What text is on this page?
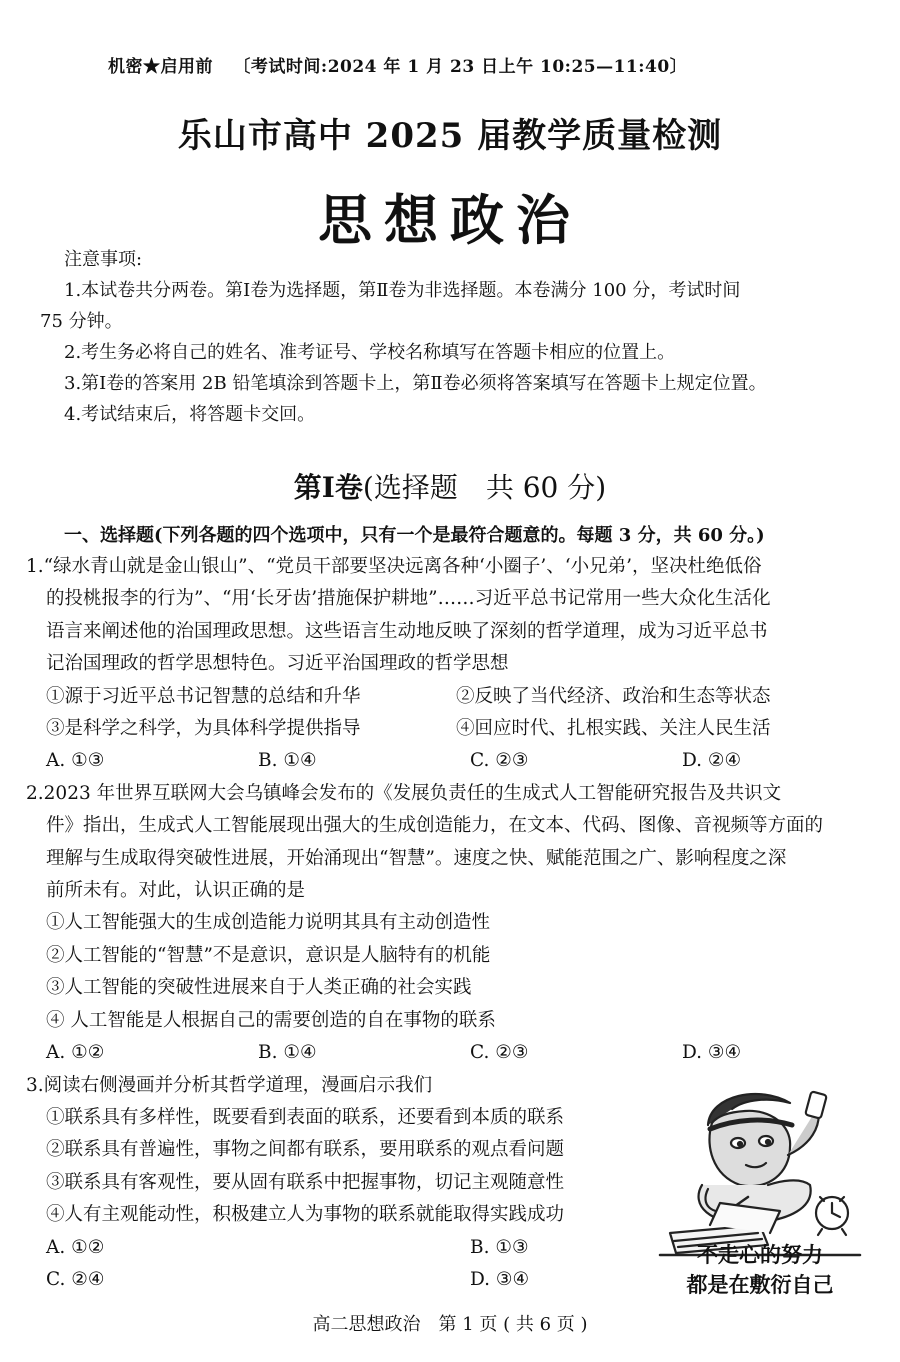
机密★启用前 〔考试时间:2024 年 1 月 23 日上午 10:25—11:40〕
乐山市高中 2025 届教学质量检测
思想政治
注意事项:
1.本试卷共分两卷。第Ⅰ卷为选择题，第Ⅱ卷为非选择题。本卷满分 100 分，考试时间
75 分钟。
2.考生务必将自己的姓名、准考证号、学校名称填写在答题卡相应的位置上。
3.第Ⅰ卷的答案用 2B 铅笔填涂到答题卡上，第Ⅱ卷必须将答案填写在答题卡上规定位置。
4.考试结束后，将答题卡交回。
第Ⅰ卷(选择题　共 60 分)
一、选择题(下列各题的四个选项中，只有一个是最符合题意的。每题 3 分，共 60 分。)
1.“绿水青山就是金山银山”、“党员干部要坚决远离各种‘小圈子’、‘小兄弟’，坚决杜绝低俗
的投桃报李的行为”、“用‘长牙齿’措施保护耕地”……习近平总书记常用一些大众化生活化
语言来阐述他的治国理政思想。这些语言生动地反映了深刻的哲学道理，成为习近平总书
记治国理政的哲学思想特色。习近平治国理政的哲学思想
①源于习近平总书记智慧的总结和升华	②反映了当代经济、政治和生态等状态
③是科学之科学，为具体科学提供指导	④回应时代、扎根实践、关注人民生活
A. ①③	B. ①④	C. ②③	D. ②④
2.2023 年世界互联网大会乌镇峰会发布的《发展负责任的生成式人工智能研究报告及共识文
件》指出，生成式人工智能展现出强大的生成创造能力，在文本、代码、图像、音视频等方面的
理解与生成取得突破性进展，开始涌现出“智慧”。速度之快、赋能范围之广、影响程度之深
前所未有。对此，认识正确的是
①人工智能强大的生成创造能力说明其具有主动创造性
②人工智能的“智慧”不是意识，意识是人脑特有的机能
③人工智能的突破性进展来自于人类正确的社会实践
④ 人工智能是人根据自己的需要创造的自在事物的联系
A. ①②	B. ①④	C. ②③	D. ③④
3.阅读右侧漫画并分析其哲学道理，漫画启示我们
①联系具有多样性，既要看到表面的联系，还要看到本质的联系
②联系具有普遍性，事物之间都有联系，要用联系的观点看问题
③联系具有客观性，要从固有联系中把握事物，切记主观随意性
④人有主观能动性，积极建立人为事物的联系就能取得实践成功
A. ①②	B. ①③
C. ②④	D. ③④
不走心的努力
都是在敷衍自己
高二思想政治　第 1 页 ( 共 6 页 )
